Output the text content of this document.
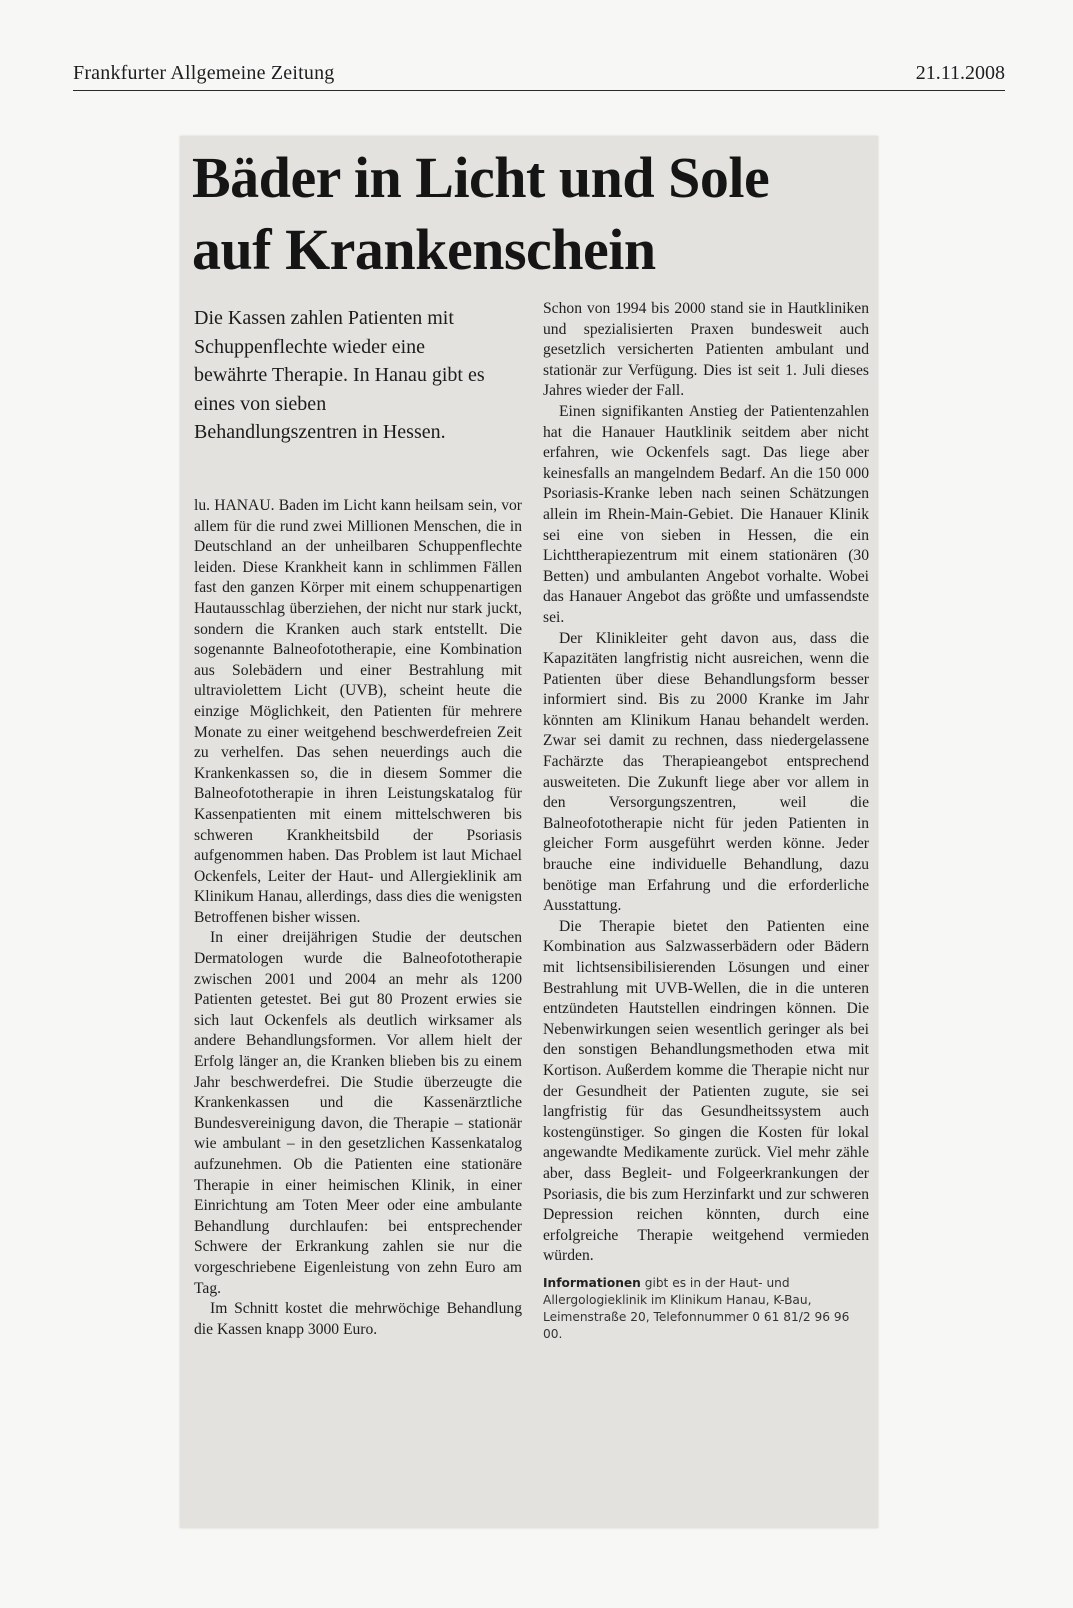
Frankfurter Allgemeine Zeitung	21.11.2008

Bäder in Licht und Sole
auf Krankenschein
Die Kassen zahlen Patienten mit Schuppenflechte wieder eine bewährte Therapie. In Hanau gibt es eines von sieben Behandlungszentren in Hessen.

lu. HANAU. Baden im Licht kann heilsam sein, vor allem für die rund zwei Millionen Menschen, die in Deutschland an der unheilbaren Schuppenflechte leiden. Diese Krankheit kann in schlimmen Fällen fast den ganzen Körper mit einem schuppenartigen Hautausschlag überziehen, der nicht nur stark juckt, sondern die Kranken auch stark entstellt. Die sogenannte Balneofototherapie, eine Kombination aus Solebädern und einer Bestrahlung mit ultraviolettem Licht (UVB), scheint heute die einzige Möglichkeit, den Patienten für mehrere Monate zu einer weitgehend beschwerdefreien Zeit zu verhelfen. Das sehen neuerdings auch die Krankenkassen so, die in diesem Sommer die Balneofototherapie in ihren Leistungskatalog für Kassenpatienten mit einem mittelschweren bis schweren Krankheitsbild der Psoriasis aufgenommen haben. Das Problem ist laut Michael Ockenfels, Leiter der Haut- und Allergieklinik am Klinikum Hanau, allerdings, dass dies die wenigsten Betroffenen bisher wissen.

In einer dreijährigen Studie der deutschen Dermatologen wurde die Balneofototherapie zwischen 2001 und 2004 an mehr als 1200 Patienten getestet. Bei gut 80 Prozent erwies sie sich laut Ockenfels als deutlich wirksamer als andere Behandlungsformen. Vor allem hielt der Erfolg länger an, die Kranken blieben bis zu einem Jahr beschwerdefrei. Die Studie überzeugte die Krankenkassen und die Kassenärztliche Bundesvereinigung davon, die Therapie – stationär wie ambulant – in den gesetzlichen Kassenkatalog aufzunehmen. Ob die Patienten eine stationäre Therapie in einer heimischen Klinik, in einer Einrichtung am Toten Meer oder eine ambulante Behandlung durchlaufen: bei entsprechender Schwere der Erkrankung zahlen sie nur die vorgeschriebene Eigenleistung von zehn Euro am Tag.

Im Schnitt kostet die mehrwöchige Behandlung die Kassen knapp 3000 Euro.

Schon von 1994 bis 2000 stand sie in Hautkliniken und spezialisierten Praxen bundesweit auch gesetzlich versicherten Patienten ambulant und stationär zur Verfügung. Dies ist seit 1. Juli dieses Jahres wieder der Fall.

Einen signifikanten Anstieg der Patientenzahlen hat die Hanauer Hautklinik seitdem aber nicht erfahren, wie Ockenfels sagt. Das liege aber keinesfalls an mangelndem Bedarf. An die 150 000 Psoriasis-Kranke leben nach seinen Schätzungen allein im Rhein-Main-Gebiet. Die Hanauer Klinik sei eine von sieben in Hessen, die ein Lichttherapiezentrum mit einem stationären (30 Betten) und ambulanten Angebot vorhalte. Wobei das Hanauer Angebot das größte und umfassendste sei.

Der Klinikleiter geht davon aus, dass die Kapazitäten langfristig nicht ausreichen, wenn die Patienten über diese Behandlungsform besser informiert sind. Bis zu 2000 Kranke im Jahr könnten am Klinikum Hanau behandelt werden. Zwar sei damit zu rechnen, dass niedergelassene Fachärzte das Therapieangebot entsprechend ausweiteten. Die Zukunft liege aber vor allem in den Versorgungszentren, weil die Balneofototherapie nicht für jeden Patienten in gleicher Form ausgeführt werden könne. Jeder brauche eine individuelle Behandlung, dazu benötige man Erfahrung und die erforderliche Ausstattung.

Die Therapie bietet den Patienten eine Kombination aus Salzwasserbädern oder Bädern mit lichtsensibilisierenden Lösungen und einer Bestrahlung mit UVB-Wellen, die in die unteren entzündeten Hautstellen eindringen können. Die Nebenwirkungen seien wesentlich geringer als bei den sonstigen Behandlungsmethoden etwa mit Kortison. Außerdem komme die Therapie nicht nur der Gesundheit der Patienten zugute, sie sei langfristig für das Gesundheitssystem auch kostengünstiger. So gingen die Kosten für lokal angewandte Medikamente zurück. Viel mehr zähle aber, dass Begleit- und Folgeerkrankungen der Psoriasis, die bis zum Herzinfarkt und zur schweren Depression reichen könnten, durch eine erfolgreiche Therapie weitgehend vermieden würden.

Informationen gibt es in der Haut- und Allergologieklinik im Klinikum Hanau, K-Bau, Leimenstraße 20, Telefonnummer 0 61 81/2 96 96 00.
